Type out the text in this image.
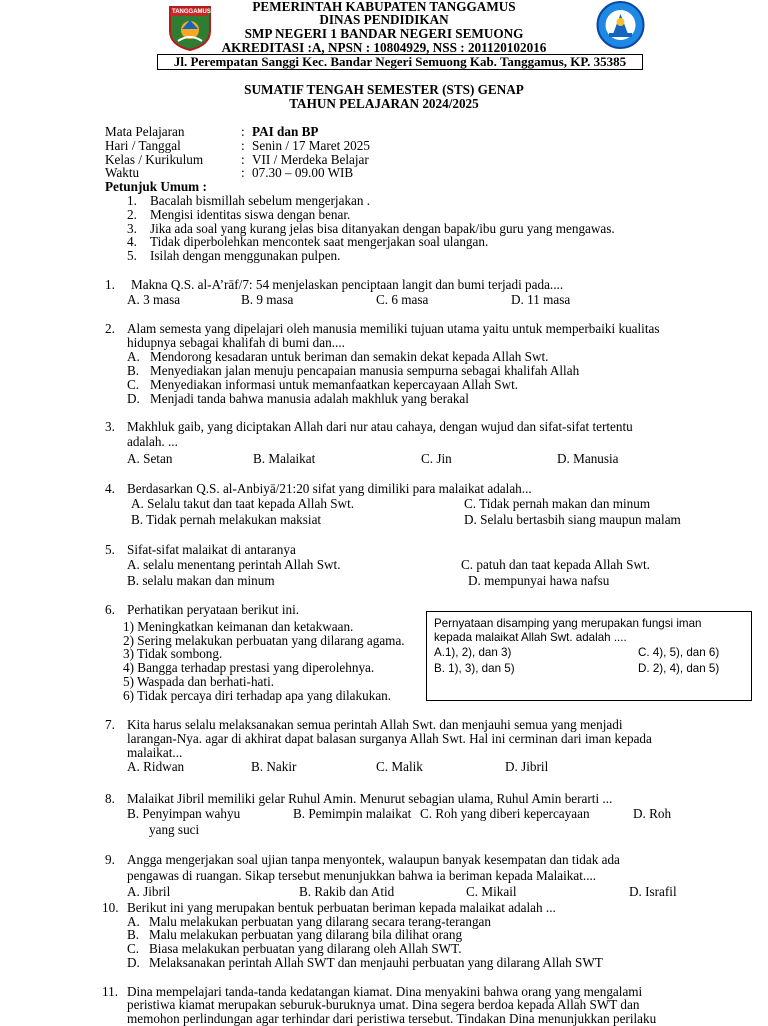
TANGGAMUS	PEMERINTAH KABUPATEN TANGGAMUS
DINAS PENDIDIKAN
SMP NEGERI 1 BANDAR NEGERI SEMUONG
AKREDITASI :A, NPSN : 10804929, NSS : 201120102016
Jl. Perempatan Sanggi Kec. Bandar Negeri Semuong Kab. Tanggamus, KP. 35385
SUMATIF TENGAH SEMESTER (STS) GENAP
TAHUN PELAJARAN 2024/2025
Mata Pelajaran	: PAI dan BP
Hari / Tanggal	: Senin / 17 Maret 2025
Kelas / Kurikulum	: VII / Merdeka Belajar
Waktu	: 07.30 – 09.00 WIB
Petunjuk Umum :
1. Bacalah bismillah sebelum mengerjakan .
2. Mengisi identitas siswa dengan benar.
3. Jika ada soal yang kurang jelas bisa ditanyakan dengan bapak/ibu guru yang mengawas.
4. Tidak diperbolehkan mencontek saat mengerjakan soal ulangan.
5. Isilah dengan menggunakan pulpen.
1. Makna Q.S. al-A’rāf/7: 54 menjelaskan penciptaan langit dan bumi terjadi pada....
A. 3 masa	B. 9 masa	C. 6 masa	D. 11 masa
2. Alam semesta yang dipelajari oleh manusia memiliki tujuan utama yaitu untuk memperbaiki kualitas
hidupnya sebagai khalifah di bumi dan....
A. Mendorong kesadaran untuk beriman dan semakin dekat kepada Allah Swt.
B. Menyediakan jalan menuju pencapaian manusia sempurna sebagai khalifah Allah
C. Menyediakan informasi untuk memanfaatkan kepercayaan Allah Swt.
D. Menjadi tanda bahwa manusia adalah makhluk yang berakal
3. Makhluk gaib, yang diciptakan Allah dari nur atau cahaya, dengan wujud dan sifat-sifat tertentu
adalah. ...
A. Setan	B. Malaikat	C. Jin	D. Manusia
4. Berdasarkan Q.S. al-Anbiyā/21:20 sifat yang dimiliki para malaikat adalah...
A. Selalu takut dan taat kepada Allah Swt.	C. Tidak pernah makan dan minum
B. Tidak pernah melakukan maksiat	D. Selalu bertasbih siang maupun malam
5. Sifat-sifat malaikat di antaranya
A. selalu menentang perintah Allah Swt.	C. patuh dan taat kepada Allah Swt.
B. selalu makan dan minum	D. mempunyai hawa nafsu
6. Perhatikan peryataan berikut ini.
1) Meningkatkan keimanan dan ketakwaan.
2) Sering melakukan perbuatan yang dilarang agama.
3) Tidak sombong.
4) Bangga terhadap prestasi yang diperolehnya.
5) Waspada dan berhati-hati.
6) Tidak percaya diri terhadap apa yang dilakukan.
Pernyataan disamping yang merupakan fungsi iman
kepada malaikat Allah Swt. adalah ....
A.1), 2), dan 3)	C. 4), 5), dan 6)
B. 1), 3), dan 5)	D. 2), 4), dan 5)
7. Kita harus selalu melaksanakan semua perintah Allah Swt. dan menjauhi semua yang menjadi
larangan-Nya. agar di akhirat dapat balasan surganya Allah Swt. Hal ini cerminan dari iman kepada
malaikat...
A. Ridwan	B. Nakir	C. Malik	D. Jibril
8. Malaikat Jibril memiliki gelar Ruhul Amin. Menurut sebagian ulama, Ruhul Amin berarti ...
B. Penyimpan wahyu	B. Pemimpin malaikat C. Roh yang diberi kepercayaan	D. Roh
yang suci
9. Angga mengerjakan soal ujian tanpa menyontek, walaupun banyak kesempatan dan tidak ada
pengawas di ruangan. Sikap tersebut menunjukkan bahwa ia beriman kepada Malaikat....
A. Jibril	B. Rakib dan Atid	C. Mikail	D. Israfil
10. Berikut ini yang merupakan bentuk perbuatan beriman kepada malaikat adalah ...
A. Malu melakukan perbuatan yang dilarang secara terang-terangan
B. Malu melakukan perbuatan yang dilarang bila dilihat orang
C. Biasa melakukan perbuatan yang dilarang oleh Allah SWT.
D. Melaksanakan perintah Allah SWT dan menjauhi perbuatan yang dilarang Allah SWT
11. Dina mempelajari tanda-tanda kedatangan kiamat. Dina menyakini bahwa orang yang mengalami
peristiwa kiamat merupakan seburuk-buruknya umat. Dina segera berdoa kepada Allah SWT dan
memohon perlindungan agar terhindar dari peristiwa tersebut. Tindakan Dina menunjukkan perilaku
